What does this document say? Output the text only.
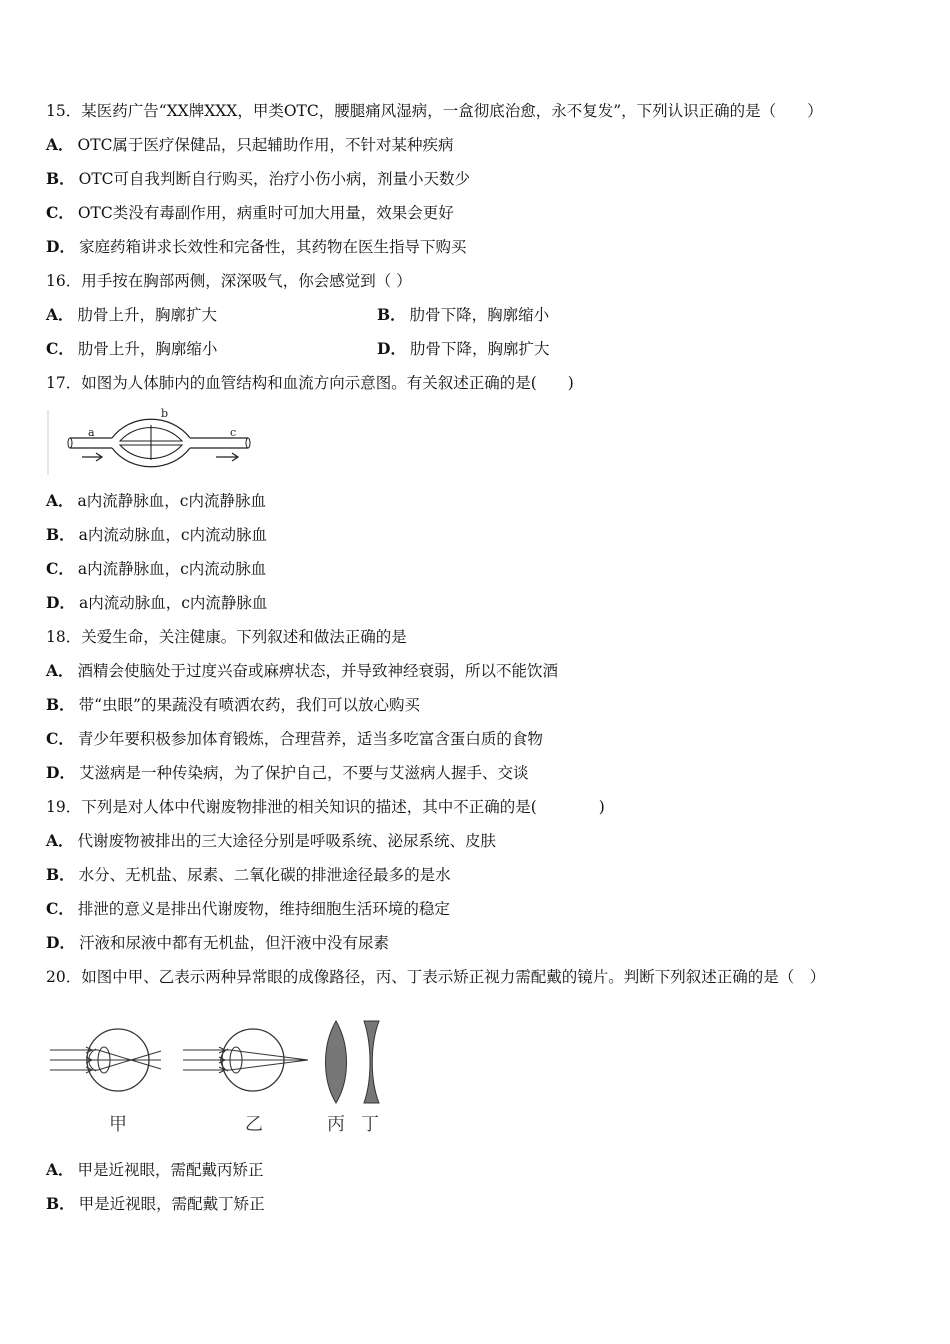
15．某医药广告“XX牌XXX，甲类OTC，腰腿痛风湿病，一盒彻底治愈，永不复发”，下列认识正确的是（　　）
A． OTC属于医疗保健品，只起辅助作用，不针对某种疾病
B． OTC可自我判断自行购买，治疗小伤小病，剂量小天数少
C． OTC类没有毒副作用，病重时可加大用量，效果会更好
D． 家庭药箱讲求长效性和完备性，其药物在医生指导下购买
16．用手按在胸部两侧，深深吸气，你会感觉到（ ）
A． 肋骨上升，胸廓扩大	B． 肋骨下降，胸廓缩小
C． 肋骨上升，胸廓缩小	D． 肋骨下降，胸廓扩大
17．如图为人体肺内的血管结构和血流方向示意图。有关叙述正确的是(　　)
a
b
c
A． a内流静脉血，c内流静脉血
B． a内流动脉血，c内流动脉血
C． a内流静脉血，c内流动脉血
D． a内流动脉血，c内流静脉血
18．关爱生命，关注健康。下列叙述和做法正确的是
A． 酒精会使脑处于过度兴奋或麻痹状态，并导致神经衰弱，所以不能饮酒
B． 带“虫眼”的果蔬没有喷洒农药，我们可以放心购买
C． 青少年要积极参加体育锻炼，合理营养，适当多吃富含蛋白质的食物
D． 艾滋病是一种传染病，为了保护自己，不要与艾滋病人握手、交谈
19．下列是对人体中代谢废物排泄的相关知识的描述，其中不正确的是(　　　　)
A． 代谢废物被排出的三大途径分别是呼吸系统、泌尿系统、皮肤
B． 水分、无机盐、尿素、二氧化碳的排泄途径最多的是水
C． 排泄的意义是排出代谢废物，维持细胞生活环境的稳定
D． 汗液和尿液中都有无机盐，但汗液中没有尿素
20．如图中甲、乙表示两种异常眼的成像路径，丙、丁表示矫正视力需配戴的镜片。判断下列叙述正确的是（　）
甲	乙	丙 丁
A． 甲是近视眼，需配戴丙矫正
B． 甲是近视眼，需配戴丁矫正
